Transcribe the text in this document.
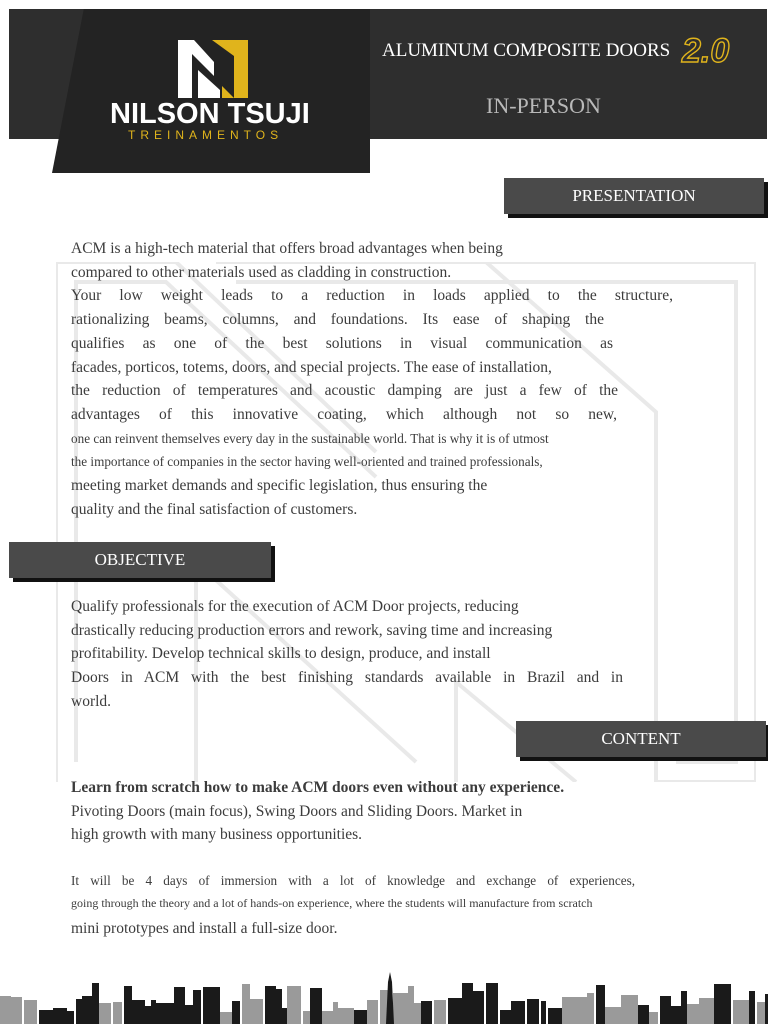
NILSON TSUJI
TREINAMENTOS
ALUMINUM COMPOSITE DOORS 2.0
IN-PERSON
PRESENTATION
ACM is a high-tech material that offers broad advantages when being
compared to other materials used as cladding in construction.
Your low weight leads to a reduction in loads applied to the structure,
rationalizing beams, columns, and foundations. Its ease of shaping the
qualifies as one of the best solutions in visual communication as
facades, porticos, totems, doors, and special projects. The ease of installation,
the reduction of temperatures and acoustic damping are just a few of the
advantages of this innovative coating, which although not so new,
one can reinvent themselves every day in the sustainable world. That is why it is of utmost
the importance of companies in the sector having well-oriented and trained professionals,
meeting market demands and specific legislation, thus ensuring the
quality and the final satisfaction of customers.
OBJECTIVE
Qualify professionals for the execution of ACM Door projects, reducing
drastically reducing production errors and rework, saving time and increasing
profitability. Develop technical skills to design, produce, and install
Doors in ACM with the best finishing standards available in Brazil and in
world.
CONTENT
Learn from scratch how to make ACM doors even without any experience.
Pivoting Doors (main focus), Swing Doors and Sliding Doors. Market in
high growth with many business opportunities.
It will be 4 days of immersion with a lot of knowledge and exchange of experiences,
going through the theory and a lot of hands-on experience, where the students will manufacture from scratch
mini prototypes and install a full-size door.
